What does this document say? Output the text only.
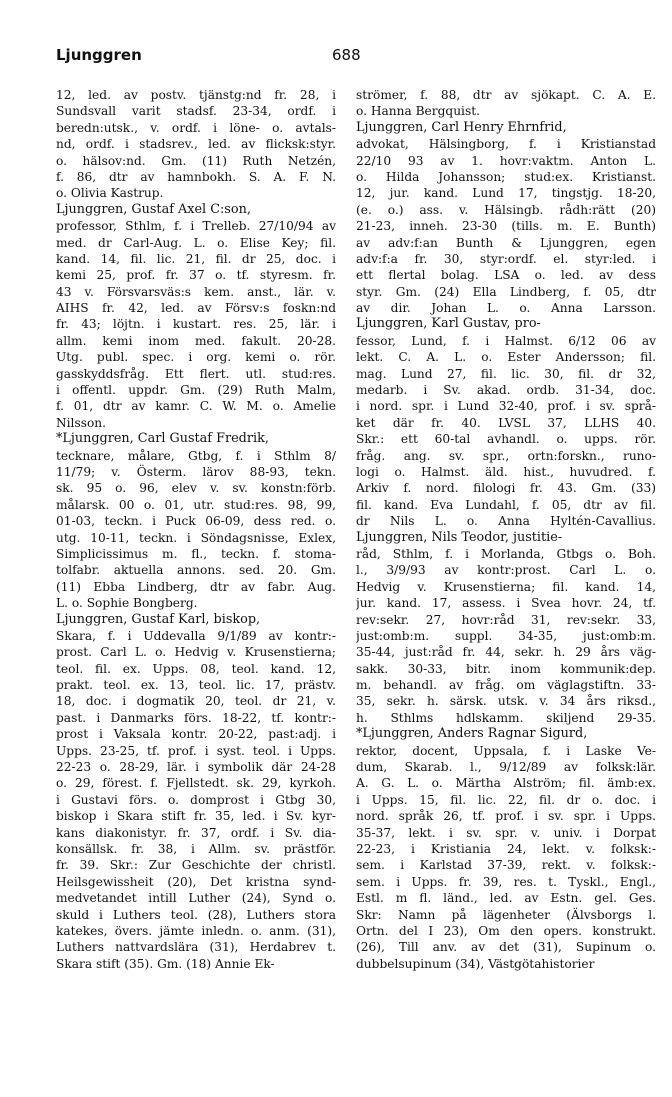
Ljunggren	688
12, led. av postv. tjänstg:nd fr. 28, i
Sundsvall varit stadsf. 23-34, ordf. i
beredn:utsk., v. ordf. i löne- o. avtals-
nd, ordf. i stadsrev., led. av flicksk:styr.
o. hälsov:nd. Gm. (11) Ruth Netzén,
f. 86, dtr av hamnbokh. S. A. F. N.
o. Olivia Kastrup.
Ljunggren, Gustaf Axel C:son,
professor, Sthlm, f. i Trelleb. 27/10/94 av
med. dr Carl-Aug. L. o. Elise Key; fil.
kand. 14, fil. lic. 21, fil. dr 25, doc. i
kemi 25, prof. fr. 37 o. tf. styresm. fr.
43 v. Försvarsväs:s kem. anst., lär. v.
AIHS fr. 42, led. av Försv:s foskn:nd
fr. 43; löjtn. i kustart. res. 25, lär. i
allm. kemi inom med. fakult. 20-28.
Utg. publ. spec. i org. kemi o. rör.
gasskyddsfråg. Ett flert. utl. stud:res.
i offentl. uppdr. Gm. (29) Ruth Malm,
f. 01, dtr av kamr. C. W. M. o. Amelie
Nilsson.
*Ljunggren, Carl Gustaf Fredrik,
tecknare, målare, Gtbg, f. i Sthlm 8/
11/79; v. Österm. lärov 88-93, tekn.
sk. 95 o. 96, elev v. sv. konstn:förb.
målarsk. 00 o. 01, utr. stud:res. 98, 99,
01-03, teckn. i Puck 06-09, dess red. o.
utg. 10-11, teckn. i Söndagsnisse, Exlex,
Simplicissimus m. fl., teckn. f. stoma-
tolfabr. aktuella annons. sed. 20. Gm.
(11) Ebba Lindberg, dtr av fabr. Aug.
L. o. Sophie Bongberg.
Ljunggren, Gustaf Karl, biskop,
Skara, f. i Uddevalla 9/1/89 av kontr:-
prost. Carl L. o. Hedvig v. Krusenstierna;
teol. fil. ex. Upps. 08, teol. kand. 12,
prakt. teol. ex. 13, teol. lic. 17, prästv.
18, doc. i dogmatik 20, teol. dr 21, v.
past. i Danmarks förs. 18-22, tf. kontr:-
prost i Vaksala kontr. 20-22, past:adj. i
Upps. 23-25, tf. prof. i syst. teol. i Upps.
22-23 o. 28-29, lär. i symbolik där 24-28
o. 29, förest. f. Fjellstedt. sk. 29, kyrkoh.
i Gustavi förs. o. domprost i Gtbg 30,
biskop i Skara stift fr. 35, led. i Sv. kyr-
kans diakonistyr. fr. 37, ordf. i Sv. dia-
konsällsk. fr. 38, i Allm. sv. prästför.
fr. 39. Skr.: Zur Geschichte der christl.
Heilsgewissheit (20), Det kristna synd-
medvetandet intill Luther (24), Synd o.
skuld i Luthers teol. (28), Luthers stora
katekes, övers. jämte inledn. o. anm. (31),
Luthers nattvardslära (31), Herdabrev t.
Skara stift (35). Gm. (18) Annie Ek-
strömer, f. 88, dtr av sjökapt. C. A. E.
o. Hanna Bergquist.
Ljunggren, Carl Henry Ehrnfrid,
advokat, Hälsingborg, f. i Kristianstad
22/10 93 av 1. hovr:vaktm. Anton L.
o. Hilda Johansson; stud:ex. Kristianst.
12, jur. kand. Lund 17, tingstjg. 18-20,
(e. o.) ass. v. Hälsingb. rådh:rätt (20)
21-23, inneh. 23-30 (tills. m. E. Bunth)
av adv:f:an Bunth & Ljunggren, egen
adv:f:a fr. 30, styr:ordf. el. styr:led. i
ett flertal bolag. LSA o. led. av dess
styr. Gm. (24) Ella Lindberg, f. 05, dtr
av dir. Johan L. o. Anna Larsson.
Ljunggren, Karl Gustav, pro-
fessor, Lund, f. i Halmst. 6/12 06 av
lekt. C. A. L. o. Ester Andersson; fil.
mag. Lund 27, fil. lic. 30, fil. dr 32,
medarb. i Sv. akad. ordb. 31-34, doc.
i nord. spr. i Lund 32-40, prof. i sv. språ-
ket där fr. 40. LVSL 37, LLHS 40.
Skr.: ett 60-tal avhandl. o. upps. rör.
fråg. ang. sv. spr., ortn:forskn., runo-
logi o. Halmst. äld. hist., huvudred. f.
Arkiv f. nord. filologi fr. 43. Gm. (33)
fil. kand. Eva Lundahl, f. 05, dtr av fil.
dr Nils L. o. Anna Hyltén-Cavallius.
Ljunggren, Nils Teodor, justitie-
råd, Sthlm, f. i Morlanda, Gtbgs o. Boh.
l., 3/9/93 av kontr:prost. Carl L. o.
Hedvig v. Krusenstierna; fil. kand. 14,
jur. kand. 17, assess. i Svea hovr. 24, tf.
rev:sekr. 27, hovr:råd 31, rev:sekr. 33,
just:omb:m. suppl. 34-35, just:omb:m.
35-44, just:råd fr. 44, sekr. h. 29 års väg-
sakk. 30-33, bitr. inom kommunik:dep.
m. behandl. av fråg. om väglagstiftn. 33-
35, sekr. h. särsk. utsk. v. 34 års riksd.,
h. Sthlms hdlskamm. skiljend 29-35.
*Ljunggren, Anders Ragnar Sigurd,
rektor, docent, Uppsala, f. i Laske Ve-
dum, Skarab. l., 9/12/89 av folksk:lär.
A. G. L. o. Märtha Alström; fil. ämb:ex.
i Upps. 15, fil. lic. 22, fil. dr o. doc. i
nord. språk 26, tf. prof. i sv. spr. i Upps.
35-37, lekt. i sv. spr. v. univ. i Dorpat
22-23, i Kristiania 24, lekt. v. folksk:-
sem. i Karlstad 37-39, rekt. v. folksk:-
sem. i Upps. fr. 39, res. t. Tyskl., Engl.,
Estl. m fl. länd., led. av Estn. gel. Ges.
Skr: Namn på lägenheter (Älvsborgs l.
Ortn. del I 23), Om den opers. konstrukt.
(26), Till anv. av det (31), Supinum o.
dubbelsupinum (34), Västgötahistorier
